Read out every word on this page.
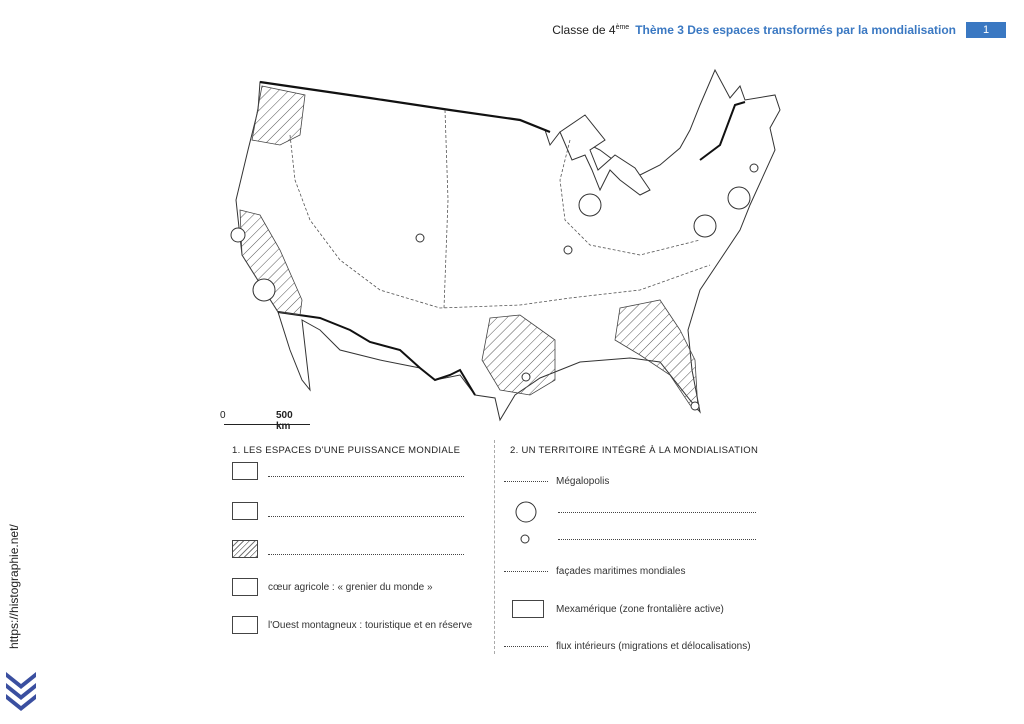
Classe de 4ème Thème 3 Des espaces transformés par la mondialisation	1
https://histographie.net/
0	500 km
1. LES ESPACES D'UNE PUISSANCE MONDIALE
cœur agricole : « grenier du monde »
l'Ouest montagneux : touristique et en réserve
2. UN TERRITOIRE INTÉGRÉ À LA MONDIALISATION
Mégalopolis
façades maritimes mondiales
Mexamérique (zone frontalière active)
flux intérieurs (migrations et délocalisations)
